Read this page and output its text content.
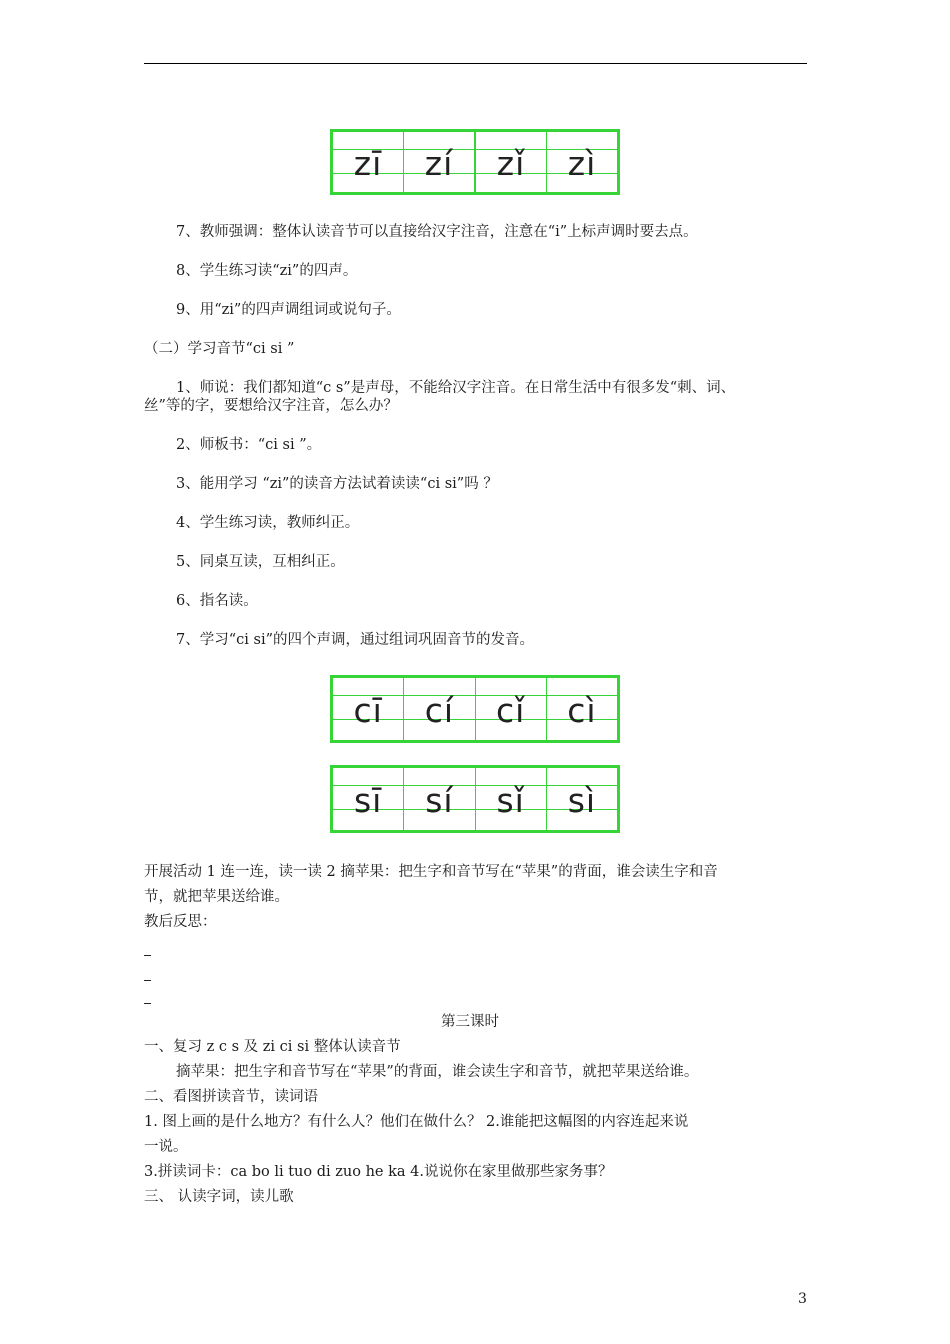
zī zí zǐ zì
7、教师强调：整体认读音节可以直接给汉字注音，注意在“i”上标声调时要去点。
8、学生练习读“zi”的四声。
9、用“zi”的四声调组词或说句子。
（二）学习音节“ci si ”
1、师说：我们都知道“c s”是声母，不能给汉字注音。在日常生活中有很多发“刺、词、
丝”等的字，要想给汉字注音，怎么办？
2、师板书：“ci si ”。
3、能用学习 “zi”的读音方法试着读读“ci si”吗 ？
4、学生练习读，教师纠正。
5、同桌互读，互相纠正。
6、指名读。
7、学习“ci si”的四个声调，通过组词巩固音节的发音。
cī cí cǐ cì
sī sí sǐ sì
开展活动 1 连一连，读一读 2 摘苹果：把生字和音节写在“苹果”的背面，谁会读生字和音
节，就把苹果送给谁。
教后反思：
第三课时
一、复习 z c s 及 zi ci si 整体认读音节
摘苹果：把生字和音节写在“苹果”的背面，谁会读生字和音节，就把苹果送给谁。
二、看图拼读音节，读词语
1. 图上画的是什么地方？有什么人？他们在做什么？ 2.谁能把这幅图的内容连起来说
一说。
3.拼读词卡：ca bo li tuo di zuo he ka 4.说说你在家里做那些家务事？
三、 认读字词，读儿歌
3
